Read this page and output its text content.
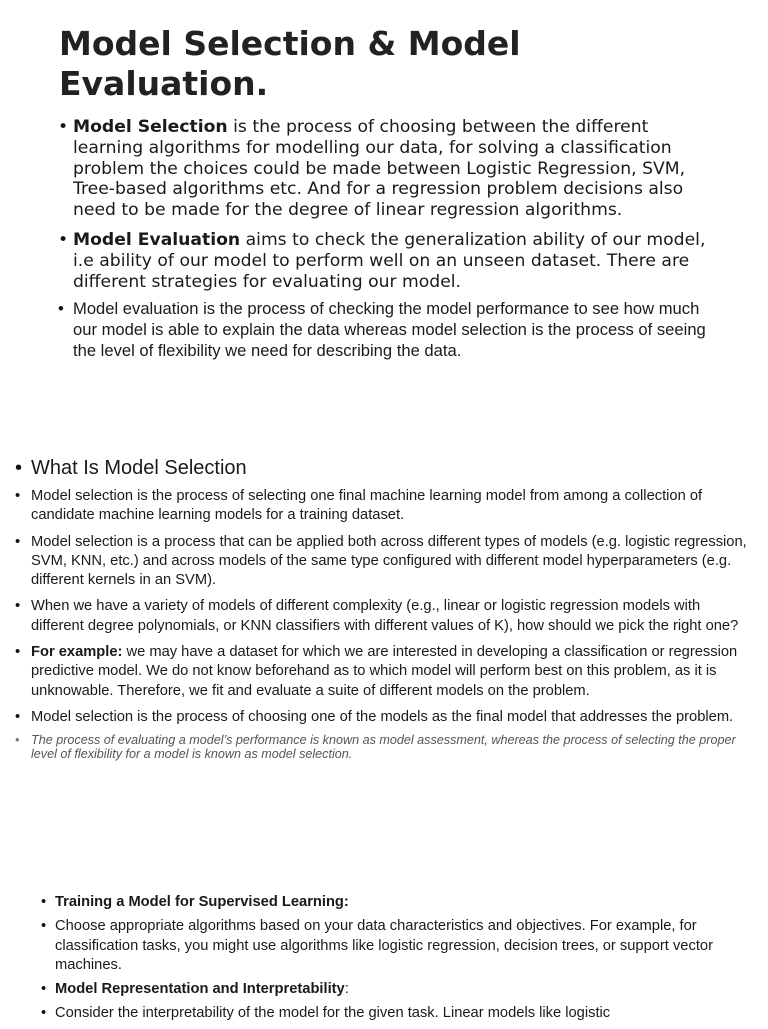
Model Selection & Model Evaluation.
• Model Selection is the process of choosing between the different learning algorithms for modelling our data, for solving a classification problem the choices could be made between Logistic Regression, SVM, Tree-based algorithms etc. And for a regression problem decisions also need to be made for the degree of linear regression algorithms.
• Model Evaluation aims to check the generalization ability of our model, i.e ability of our model to perform well on an unseen dataset. There are different strategies for evaluating our model.
• Model evaluation is the process of checking the model performance to see how much our model is able to explain the data whereas model selection is the process of seeing the level of flexibility we need for describing the data.
• What Is Model Selection
• Model selection is the process of selecting one final machine learning model from among a collection of candidate machine learning models for a training dataset.
• Model selection is a process that can be applied both across different types of models (e.g. logistic regression, SVM, KNN, etc.) and across models of the same type configured with different model hyperparameters (e.g. different kernels in an SVM).
• When we have a variety of models of different complexity (e.g., linear or logistic regression models with different degree polynomials, or KNN classifiers with different values of K), how should we pick the right one?
• For example: we may have a dataset for which we are interested in developing a classification or regression predictive model. We do not know beforehand as to which model will perform best on this problem, as it is unknowable. Therefore, we fit and evaluate a suite of different models on the problem.
• Model selection is the process of choosing one of the models as the final model that addresses the problem.
• The process of evaluating a model’s performance is known as model assessment, whereas the process of selecting the proper level of flexibility for a model is known as model selection.
• Training a Model for Supervised Learning:
• Choose appropriate algorithms based on your data characteristics and objectives. For example, for classification tasks, you might use algorithms like logistic regression, decision trees, or support vector machines.
• Model Representation and Interpretability:
• Consider the interpretability of the model for the given task. Linear models like logistic
